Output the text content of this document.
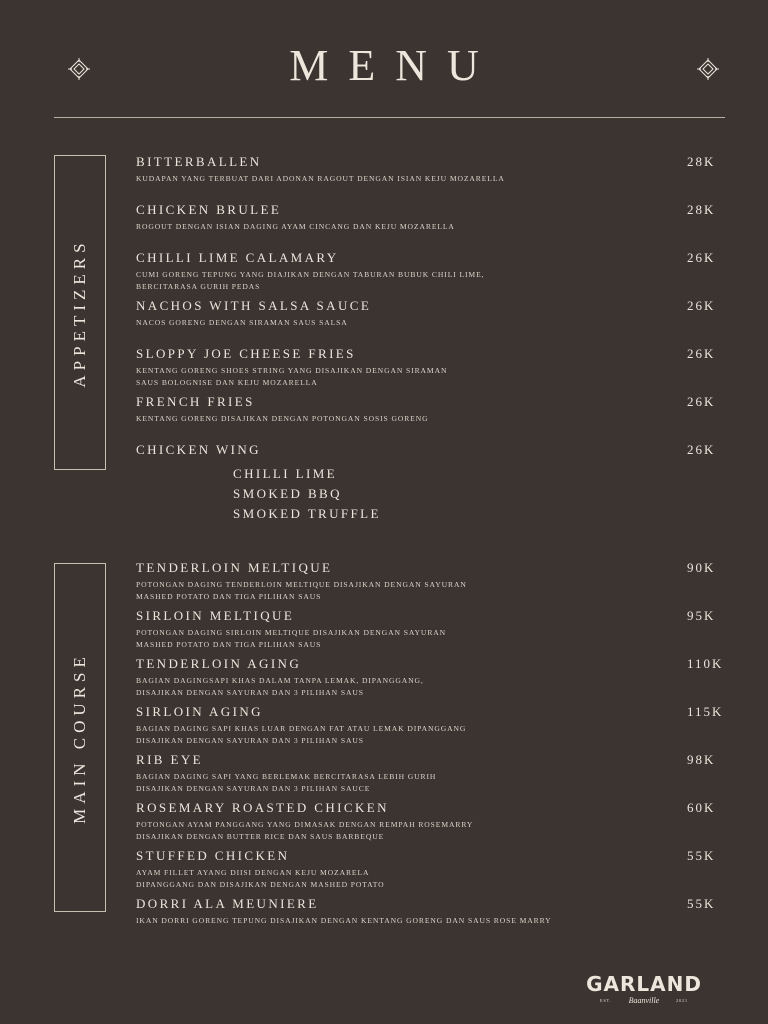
MENU
APPETIZERS
MAIN COURSE
BITTERBALLEN	28K
KUDAPAN YANG TERBUAT DARI ADONAN RAGOUT DENGAN ISIAN KEJU MOZARELLA
CHICKEN BRULEE	28K
ROGOUT DENGAN ISIAN DAGING AYAM CINCANG DAN KEJU MOZARELLA
CHILLI LIME CALAMARY	26K
CUMI GORENG TEPUNG YANG DIAJIKAN DENGAN TABURAN BUBUK CHILI LIME,
BERCITARASA GURIH PEDAS
NACHOS WITH SALSA SAUCE	26K
NACOS GORENG DENGAN SIRAMAN SAUS SALSA
SLOPPY JOE CHEESE FRIES	26K
KENTANG GORENG SHOES STRING YANG DISAJIKAN DENGAN SIRAMAN
SAUS BOLOGNISE DAN KEJU MOZARELLA
FRENCH FRIES	26K
KENTANG GORENG DISAJIKAN DENGAN POTONGAN SOSIS GORENG
CHICKEN WING	26K
CHILLI LIME
SMOKED BBQ
SMOKED TRUFFLE
TENDERLOIN MELTIQUE	90K
POTONGAN DAGING TENDERLOIN MELTIQUE DISAJIKAN DENGAN SAYURAN
MASHED POTATO DAN TIGA PILIHAN SAUS
SIRLOIN MELTIQUE	95K
POTONGAN DAGING SIRLOIN MELTIQUE DISAJIKAN DENGAN SAYURAN
MASHED POTATO DAN TIGA PILIHAN SAUS
TENDERLOIN AGING	110K
BAGIAN DAGINGSAPI KHAS DALAM TANPA LEMAK, DIPANGGANG,
DISAJIKAN DENGAN SAYURAN DAN 3 PILIHAN SAUS
SIRLOIN AGING	115K
BAGIAN DAGING SAPI KHAS LUAR DENGAN FAT ATAU LEMAK DIPANGGANG
DISAJIKAN DENGAN SAYURAN DAN 3 PILIHAN SAUS
RIB EYE	98K
BAGIAN DAGING SAPI YANG BERLEMAK BERCITARASA LEBIH GURIH
DISAJIKAN DENGAN SAYURAN DAN 3 PILIHAN SAUCE
ROSEMARY ROASTED CHICKEN	60K
POTONGAN AYAM PANGGANG YANG DIMASAK DENGAN REMPAH ROSEMARRY
DISAJIKAN DENGAN BUTTER RICE DAN SAUS BARBEQUE
STUFFED CHICKEN	55K
AYAM FILLET AYANG DIISI DENGAN KEJU MOZARELA
DIPANGGANG DAN DISAJIKAN DENGAN MASHED POTATO
DORRI ALA MEUNIERE	55K
IKAN DORRI GORENG TEPUNG DISAJIKAN DENGAN KENTANG GORENG DAN SAUS ROSE MARRY
GARLAND
EST. Baanville	2021
